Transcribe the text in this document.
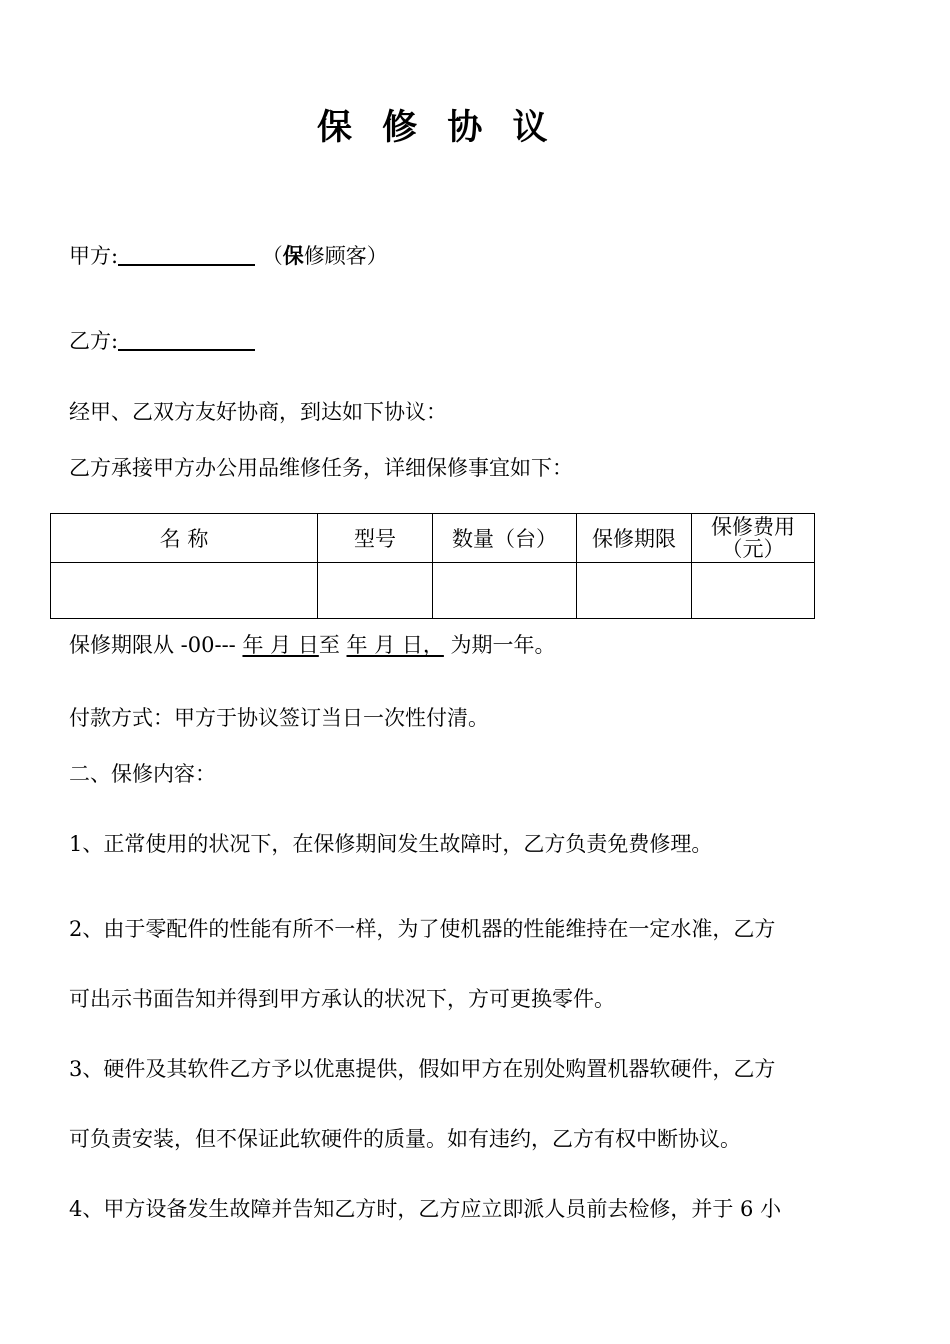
保 修 协 议
甲方:	（保修顾客）
乙方:
经甲、乙双方友好协商，到达如下协议：
乙方承接甲方办公用品维修任务，详细保修事宜如下：
名 称	型号	数量（台）	保修期限	保修费用（元）

保修期限从 -00--- 年 月 日至 年 月 日， 为期一年。
付款方式：甲方于协议签订当日一次性付清。
二、保修内容：
1、正常使用的状况下，在保修期间发生故障时，乙方负责免费修理。
2、由于零配件的性能有所不一样，为了使机器的性能维持在一定水准，乙方
可出示书面告知并得到甲方承认的状况下，方可更换零件。
3、硬件及其软件乙方予以优惠提供，假如甲方在别处购置机器软硬件，乙方
可负责安装，但不保证此软硬件的质量。如有违约，乙方有权中断协议。
4、甲方设备发生故障并告知乙方时，乙方应立即派人员前去检修，并于 6 小
